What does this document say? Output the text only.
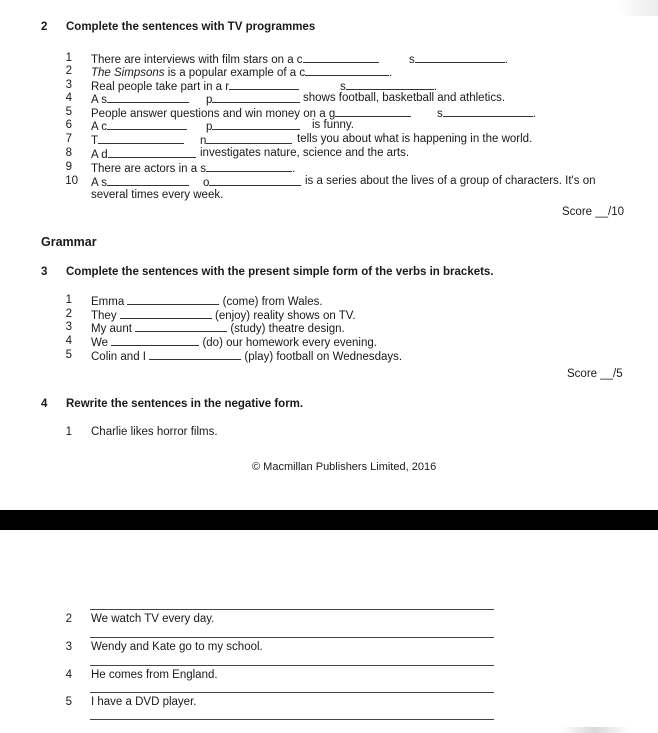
2 Complete the sentences with TV programmes
1 There are interviews with film stars on a c	s	.
2 The Simpsons is a popular example of a c	.
3 Real people take part in a r	s	.
4 A s	p	shows football, basketball and athletics.
5 People answer questions and win money on a g	s	.
6 A c	p	is funny.
7 T	n	tells you about what is happening in the world.
8 A d	investigates nature, science and the arts.
9 There are actors in a s	.
10 A s	o	is a series about the lives of a group of characters. It's on
several times every week.
Score __/10
Grammar
3 Complete the sentences with the present simple form of the verbs in brackets.
1 Emma	(come) from Wales.
2 They	(enjoy) reality shows on TV.
3 My aunt	(study) theatre design.
4 We	(do) our homework every evening.
5 Colin and I	(play) football on Wednesdays.
Score __/5
4 Rewrite the sentences in the negative form.
1 Charlie likes horror films.
© Macmillan Publishers Limited, 2016
2 We watch TV every day.
3 Wendy and Kate go to my school.
4 He comes from England.
5 I have a DVD player.
